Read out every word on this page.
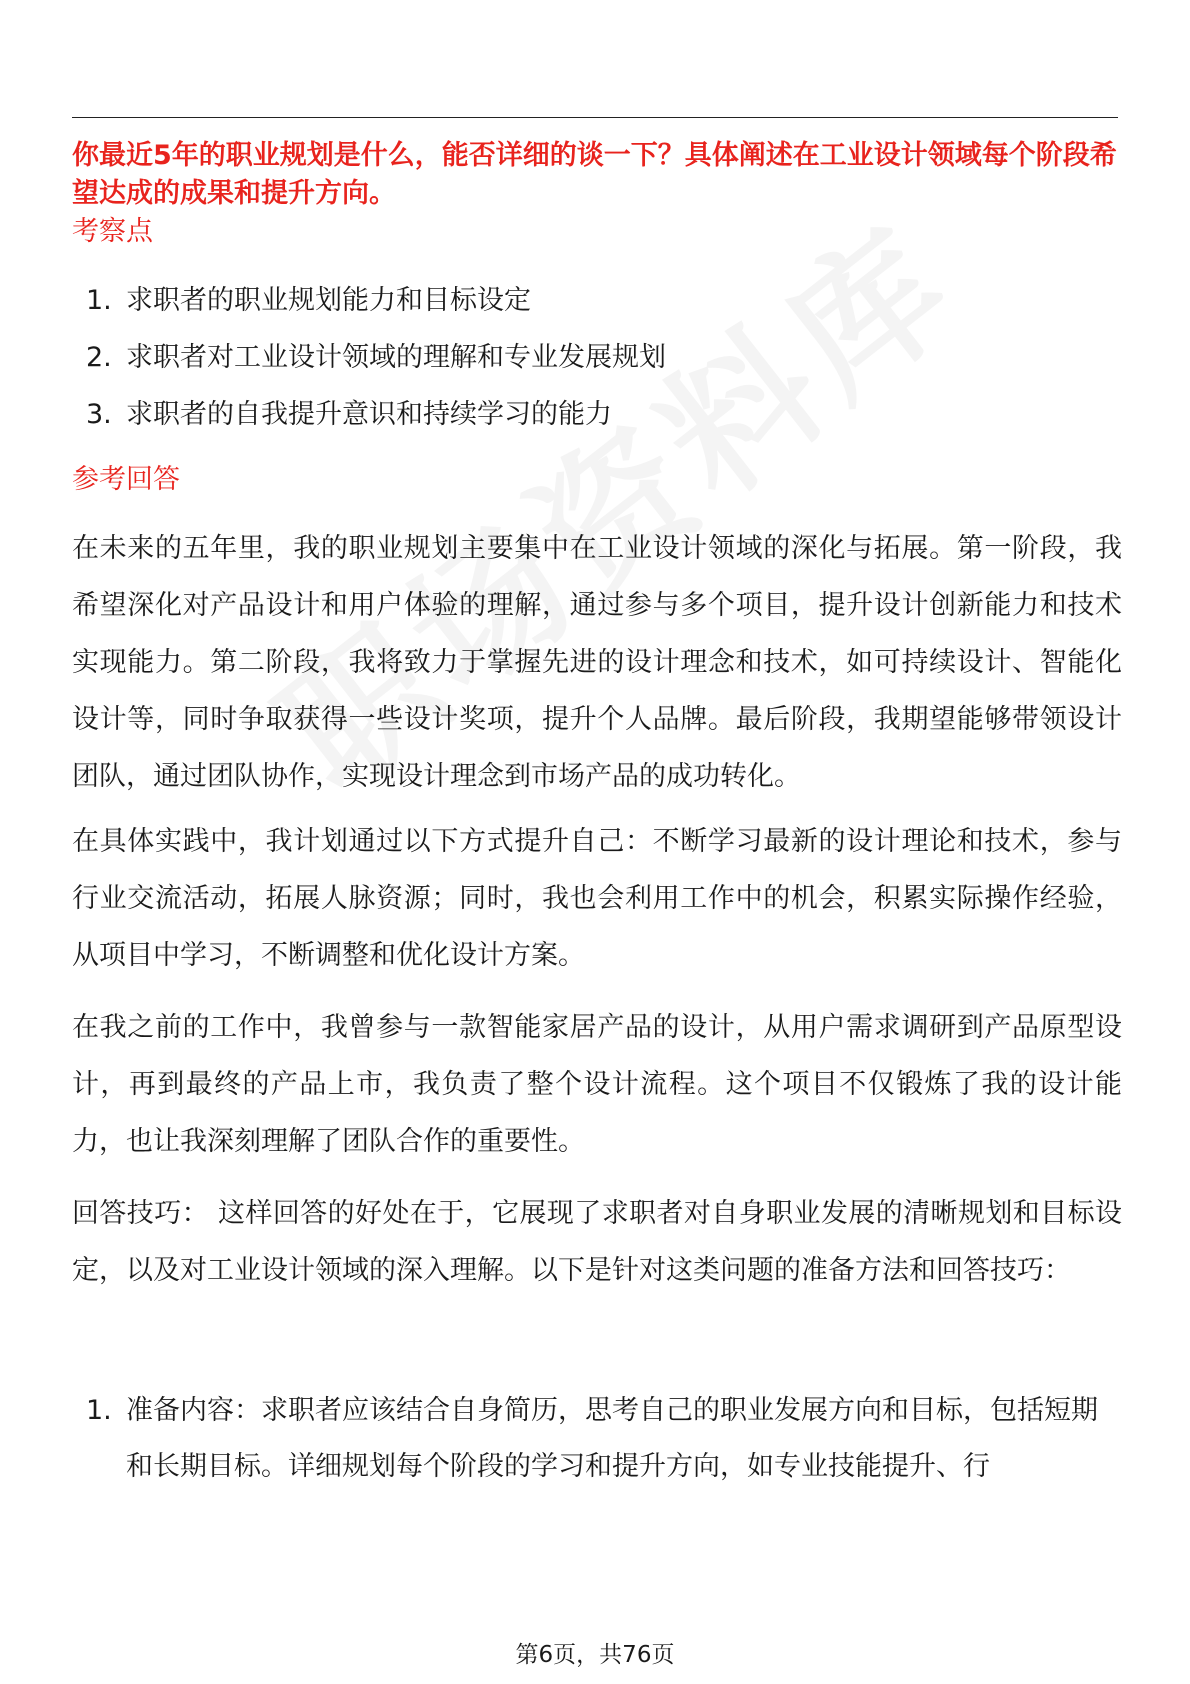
你最近5年的职业规划是什么，能否详细的谈一下？具体阐述在工业设计领域每个阶段希望达成的成果和提升方向。
考察点
1. 求职者的职业规划能力和目标设定
2. 求职者对工业设计领域的理解和专业发展规划
3. 求职者的自我提升意识和持续学习的能力
参考回答

在未来的五年里，我的职业规划主要集中在工业设计领域的深化与拓展。第一阶段，我希望深化对产品设计和用户体验的理解，通过参与多个项目，提升设计创新能力和技术实现能力。第二阶段，我将致力于掌握先进的设计理念和技术，如可持续设计、智能化设计等，同时争取获得一些设计奖项，提升个人品牌。最后阶段，我期望能够带领设计团队，通过团队协作，实现设计理念到市场产品的成功转化。

在具体实践中，我计划通过以下方式提升自己：不断学习最新的设计理论和技术，参与行业交流活动，拓展人脉资源；同时，我也会利用工作中的机会，积累实际操作经验，从项目中学习，不断调整和优化设计方案。

在我之前的工作中，我曾参与一款智能家居产品的设计，从用户需求调研到产品原型设计，再到最终的产品上市，我负责了整个设计流程。这个项目不仅锻炼了我的设计能力，也让我深刻理解了团队合作的重要性。

回答技巧： 这样回答的好处在于，它展现了求职者对自身职业发展的清晰规划和目标设定，以及对工业设计领域的深入理解。以下是针对这类问题的准备方法和回答技巧：

1. 准备内容：求职者应该结合自身简历，思考自己的职业发展方向和目标，包括短期和长期目标。详细规划每个阶段的学习和提升方向，如专业技能提升、行
第6页，共76页
